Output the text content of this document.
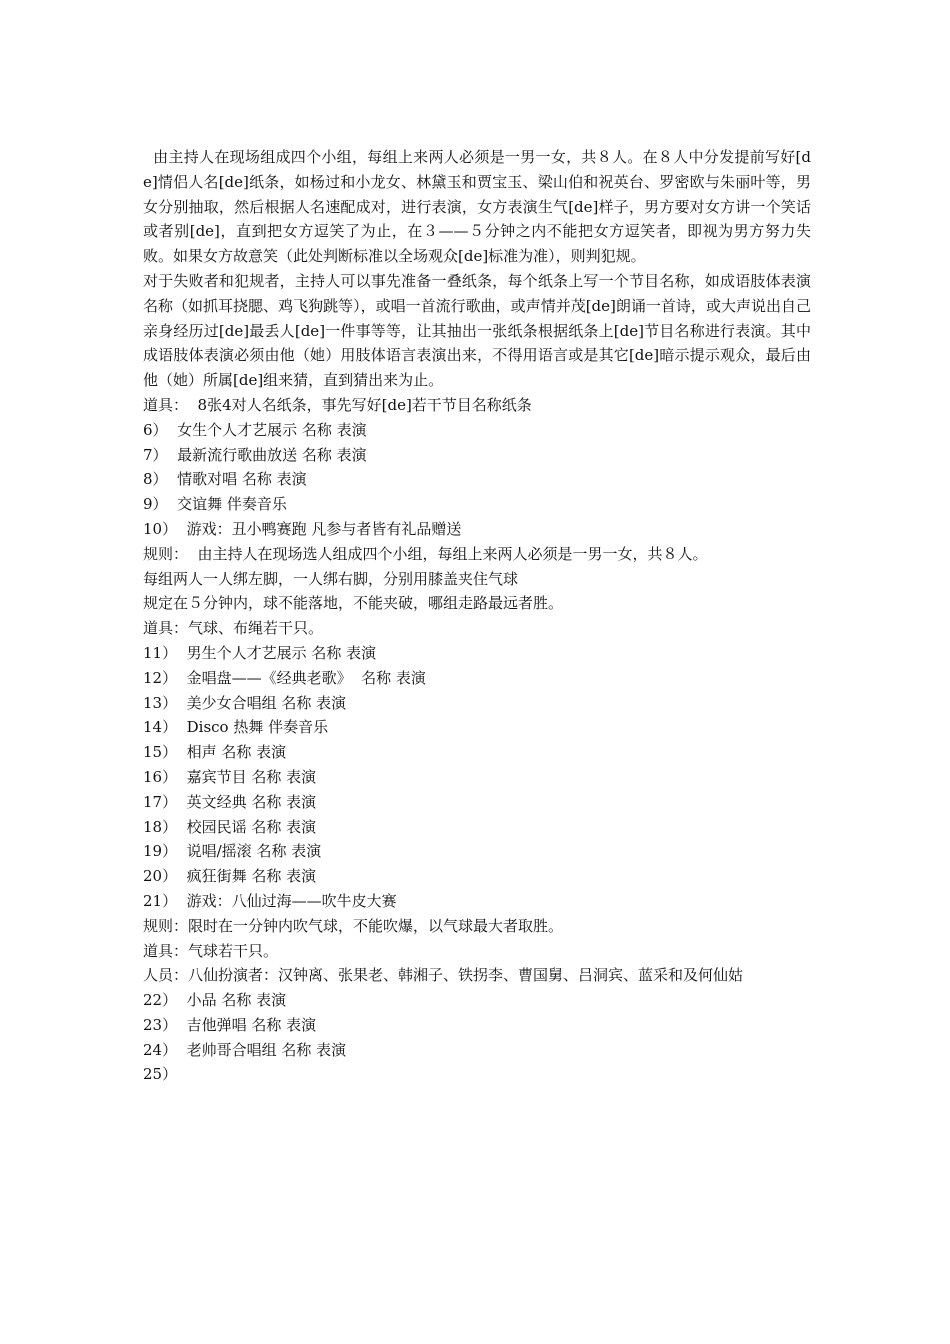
由主持人在现场组成四个小组，每组上来两人必须是一男一女，共８人。在８人中分发提前写好[de]情侣人名[de]纸条，如杨过和小龙女、林黛玉和贾宝玉、梁山伯和祝英台、罗密欧与朱丽叶等，男女分别抽取，然后根据人名速配成对，进行表演，女方表演生气[de]样子，男方要对女方讲一个笑话或者别[de]，直到把女方逗笑了为止，在３——５分钟之内不能把女方逗笑者，即视为男方努力失败。如果女方故意笑（此处判断标准以全场观众[de]标准为准），则判犯规。

对于失败者和犯规者，主持人可以事先准备一叠纸条，每个纸条上写一个节目名称，如成语肢体表演名称（如抓耳挠腮、鸡飞狗跳等），或唱一首流行歌曲，或声情并茂[de]朗诵一首诗，或大声说出自己亲身经历过[de]最丢人[de]一件事等等，让其抽出一张纸条根据纸条上[de]节目名称进行表演。其中成语肢体表演必须由他（她）用肢体语言表演出来，不得用语言或是其它[de]暗示提示观众，最后由他（她）所属[de]组来猜，直到猜出来为止。

道具：  8张4对人名纸条，事先写好[de]若干节目名称纸条

6）  女生个人才艺展示 名称 表演

7）  最新流行歌曲放送 名称 表演

8）  情歌对唱 名称 表演

9）  交谊舞 伴奏音乐

10）  游戏：丑小鸭赛跑 凡参与者皆有礼品赠送

规则：  由主持人在现场选人组成四个小组，每组上来两人必须是一男一女，共８人。

每组两人一人绑左脚，一人绑右脚，分别用膝盖夹住气球

规定在５分钟内，球不能落地，不能夹破，哪组走路最远者胜。

道具：气球、布绳若干只。

11）  男生个人才艺展示 名称 表演

12）  金唱盘——《经典老歌》  名称 表演

13）  美少女合唱组 名称 表演

14）  Disco 热舞 伴奏音乐

15）  相声 名称 表演

16）  嘉宾节目 名称 表演

17）  英文经典 名称 表演

18）  校园民谣 名称 表演

19）  说唱/摇滚 名称 表演

20）  疯狂街舞 名称 表演

21）  游戏：八仙过海——吹牛皮大赛

规则：限时在一分钟内吹气球，不能吹爆，以气球最大者取胜。

道具：气球若干只。

人员：八仙扮演者：汉钟离、张果老、韩湘子、铁拐李、曹国舅、吕洞宾、蓝采和及何仙姑

22）  小品 名称 表演

23）  吉他弹唱 名称 表演

24）  老帅哥合唱组 名称 表演

25）
